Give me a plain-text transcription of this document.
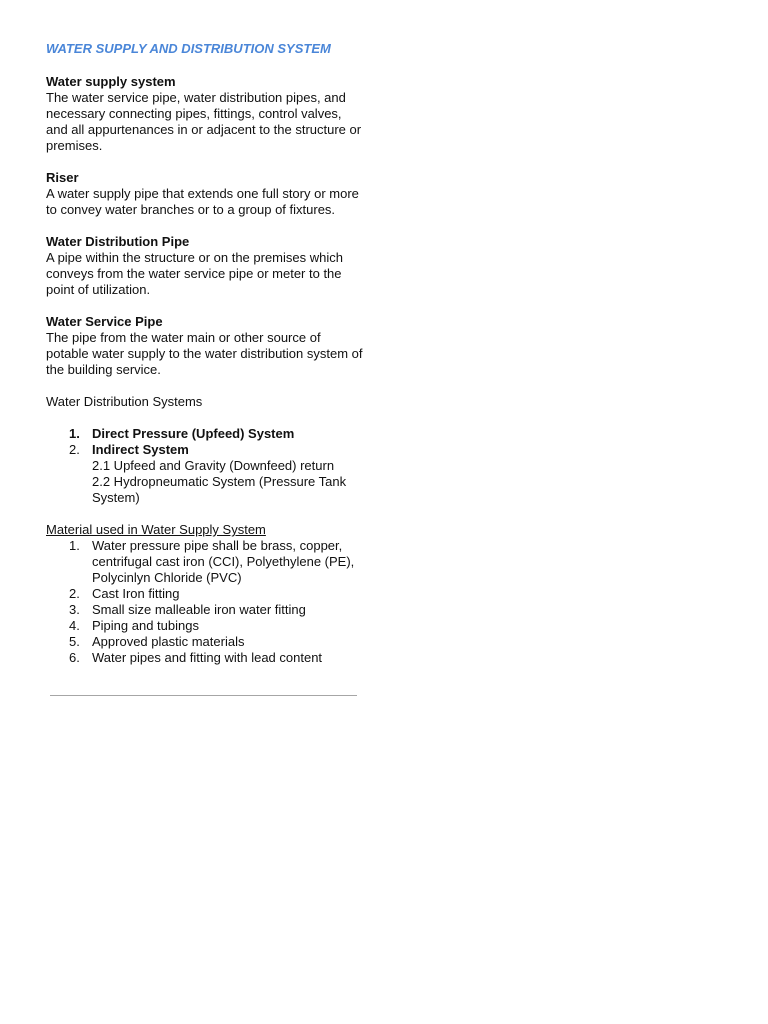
WATER SUPPLY AND DISTRIBUTION SYSTEM
Water supply system
The water service pipe, water distribution pipes, and necessary connecting pipes, fittings, control valves, and all appurtenances in or adjacent to the structure or premises.
Riser
A water supply pipe that extends one full story or more to convey water branches or to a group of fixtures.
Water Distribution Pipe
A pipe within the structure or on the premises which conveys from the water service pipe or meter to the point of utilization.
Water Service Pipe
The pipe from the water main or other source of potable water supply to the water distribution system of the building service.
Water Distribution Systems
1. Direct Pressure (Upfeed) System
2. Indirect System
2.1 Upfeed and Gravity (Downfeed) return
2.2 Hydropneumatic System (Pressure Tank System)
Material used in Water Supply System
1. Water pressure pipe shall be brass, copper, centrifugal cast iron (CCI), Polyethylene (PE), Polycinlyn Chloride (PVC)
2. Cast Iron fitting
3. Small size malleable iron water fitting
4. Piping and tubings
5. Approved plastic materials
6. Water pipes and fitting with lead content
